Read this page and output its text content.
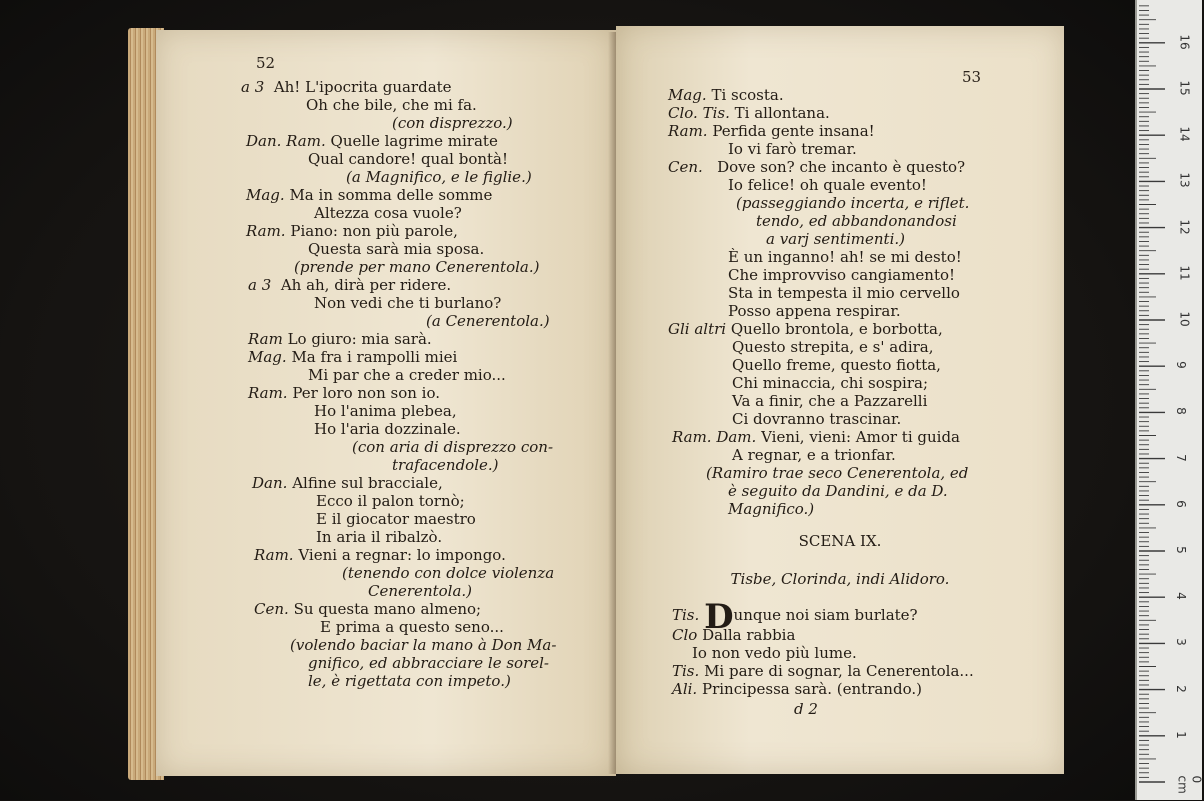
52
a 3 Ah! L'ipocrita guardate
Oh che bile, che mi fa.
(con disprezzo.)
Dan. Ram. Quelle lagrime mirate
Qual candore! qual bontà!
(a Magnifico, e le figlie.)
Mag. Ma in somma delle somme
Altezza cosa vuole?
Ram. Piano: non più parole,
Questa sarà mia sposa.
(prende per mano Cenerentola.)
a 3 Ah ah, dirà per ridere.
Non vedi che ti burlano?
(a Cenerentola.)
Ram Lo giuro: mia sarà.
Mag. Ma fra i rampolli miei
Mi par che a creder mio...
Ram. Per loro non son io.
Ho l'anima plebea,
Ho l'aria dozzinale.
(con aria di disprezzo con-
trafacendole.)
Dan. Alfine sul bracciale,
Ecco il palon tornò;
E il giocator maestro
In aria il ribalzò.
Ram. Vieni a regnar: lo impongo.
(tenendo con dolce violenza
Cenerentola.)
Cen. Su questa mano almeno;
E prima a questo seno...
(volendo baciar la mano à Don Ma-
gnifico, ed abbracciare le sorel-
le, è rigettata con impeto.)
53
Mag. Ti scosta.
Clo. Tis. Ti allontana.
Ram. Perfida gente insana!
Io vi farò tremar.
Cen. Dove son? che incanto è questo?
Io felice! oh quale evento!
(passeggiando incerta, e riflet.
tendo, ed abbandonandosi
a varj sentimenti.)
È un inganno! ah! se mi desto!
Che improvviso cangiamento!
Sta in tempesta il mio cervello
Posso appena respirar.
Gli altri Quello brontola, e borbotta,
Questo strepita, e s' adira,
Quello freme, questo fiotta,
Chi minaccia, chi sospira;
Va a finir, che a Pazzarelli
Ci dovranno trascinar.
Ram. Dam. Vieni, vieni: Amor ti guida
A regnar, e a trionfar.
(Ramiro trae seco Cenerentola, ed
è seguito da Dandini, e da D.
Magnifico.)
SCENA IX.
Tisbe, Clorinda, indi Alidoro.
Tis. Dunque noi siam burlate?
Clo Dalla rabbia
Io non vedo più lume.
Tis. Mi pare di sognar, la Cenerentola...
Ali. Principessa sarà. (entrando.)
d 2
0 cm
1
2
3
4
5
6
7
8
9
10
11
12
13
14
15
16
